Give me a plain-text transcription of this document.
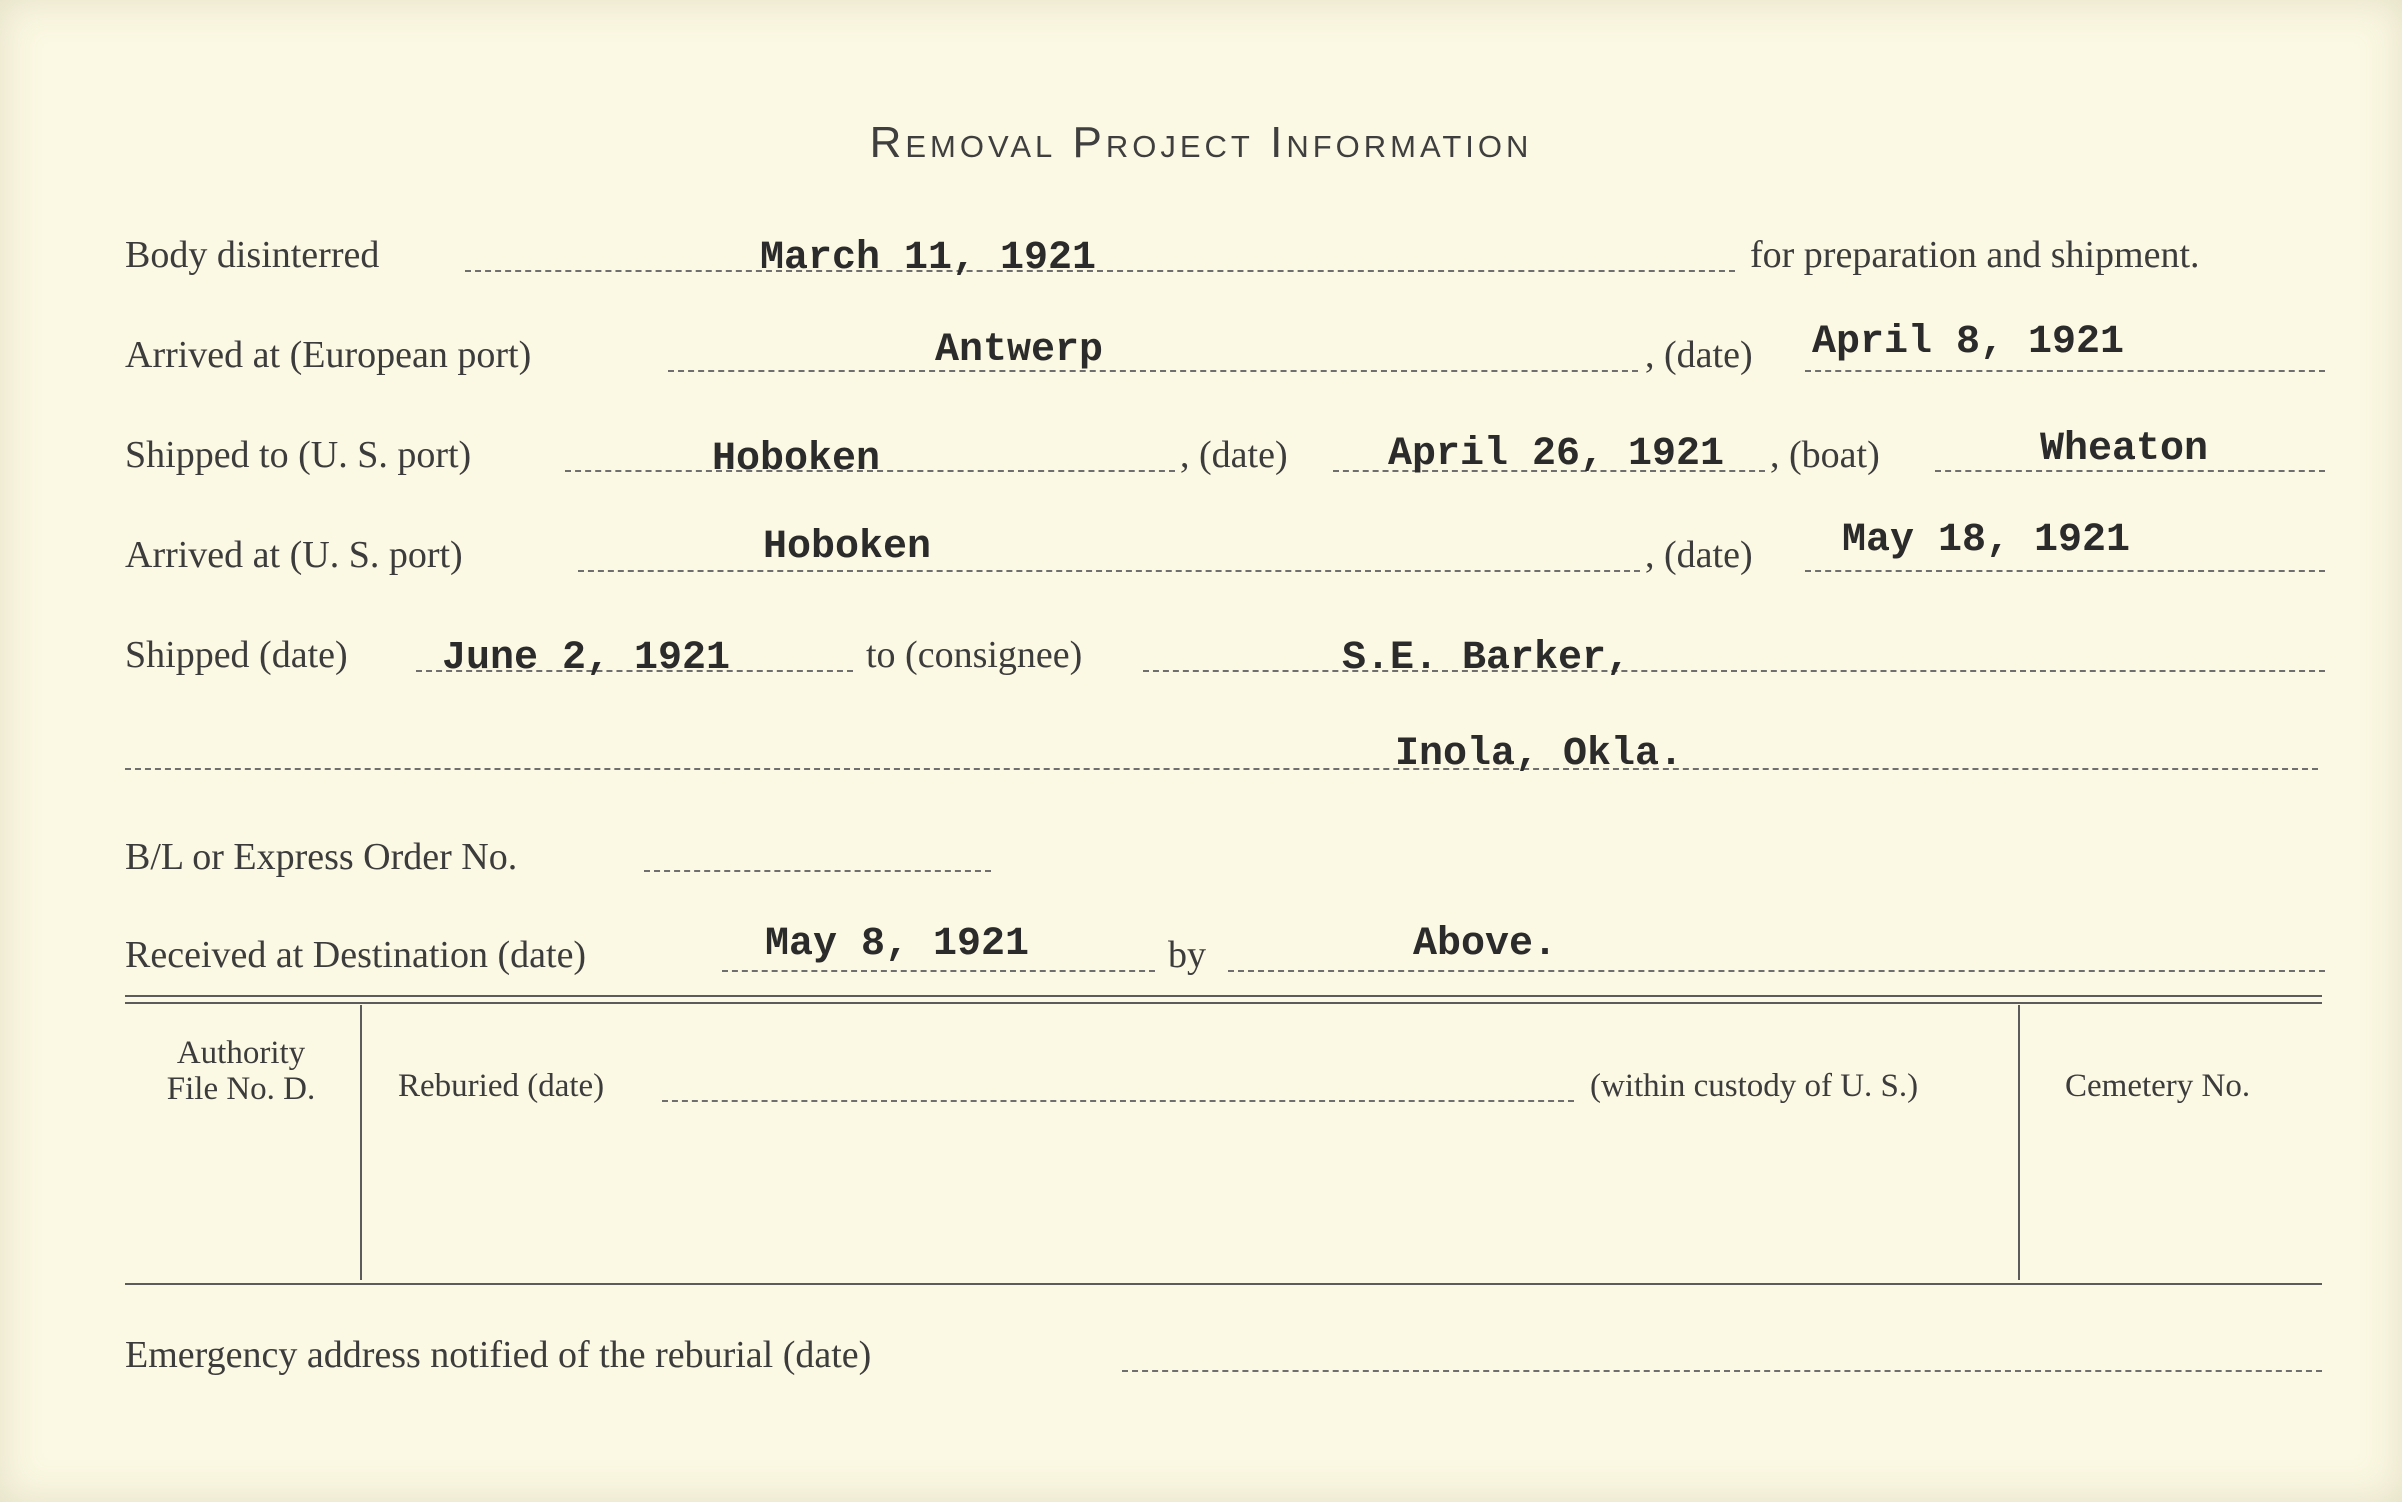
Removal Project Information
Body disinterred	March 11, 1921	for preparation and shipment.
Arrived at (European port)	Antwerp	, (date) April 8, 1921
Shipped to (U. S. port)	Hoboken	, (date)	April 26, 1921 , (boat)	Wheaton
Arrived at (U. S. port)	Hoboken	, (date) May 18, 1921
Shipped (date) June 2, 1921	to (consignee)	S.E. Barker,
Inola, Okla.
B/L or Express Order No.
Received at Destination (date)	May 8, 1921	by	Above.
Authority
File No. D.	Reburied (date)	(within custody of U. S.)	Cemetery No.
Emergency address notified of the reburial (date)
